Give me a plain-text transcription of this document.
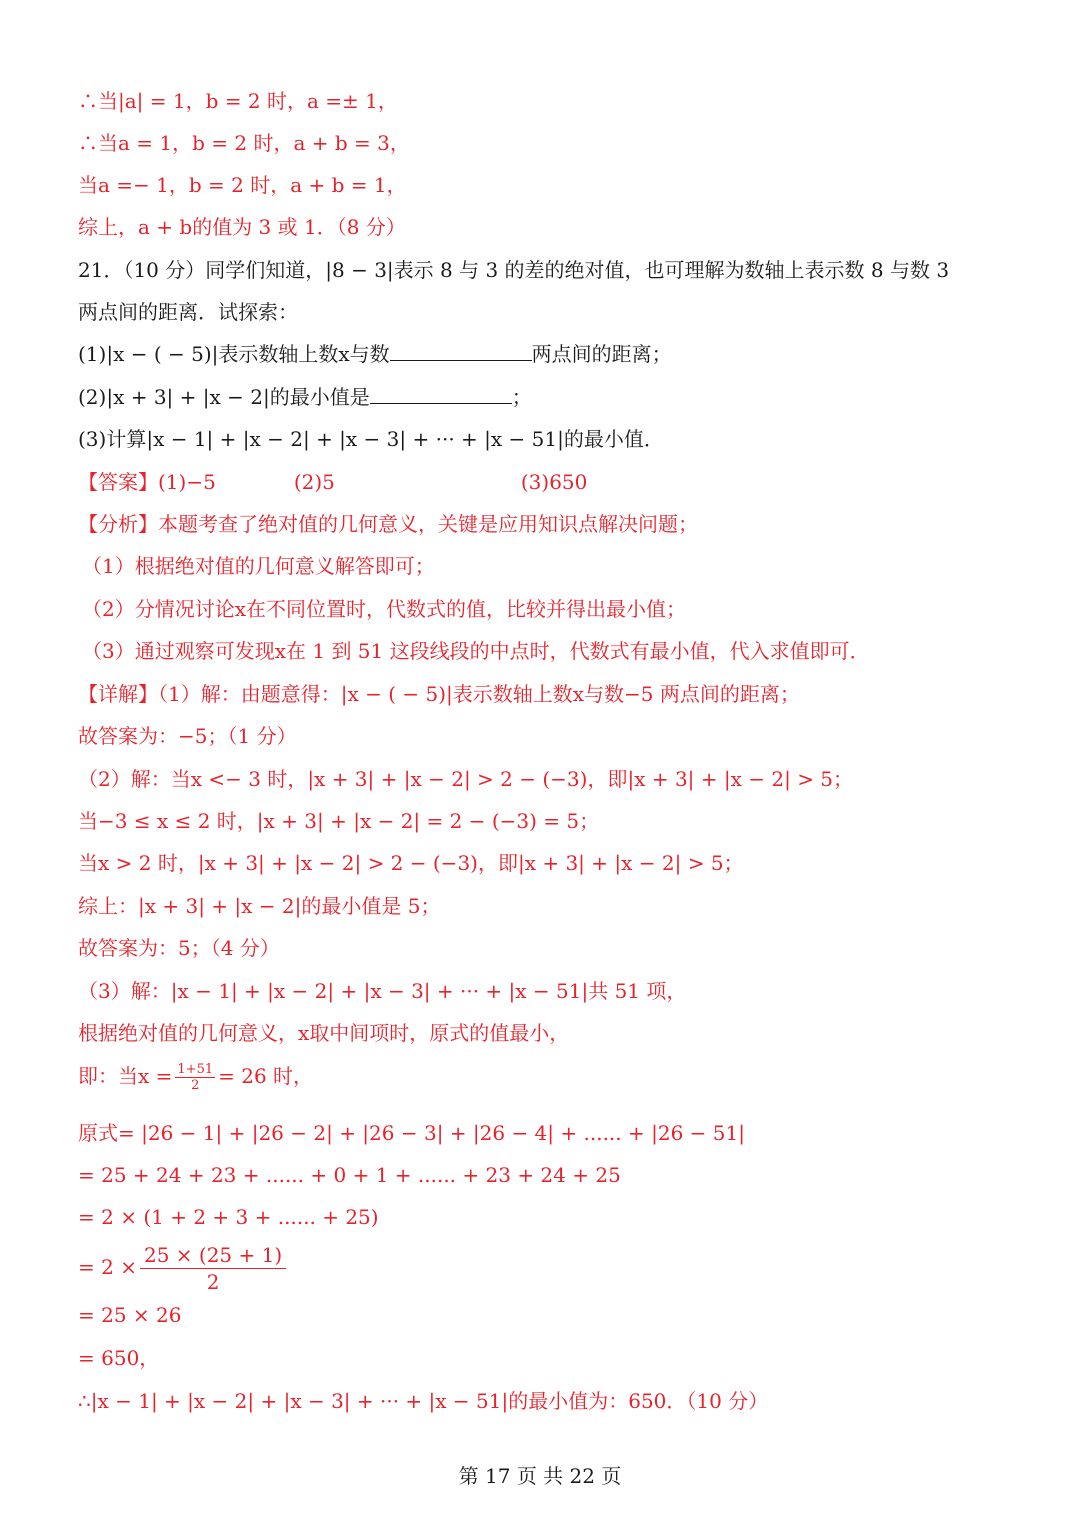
∴当|a| = 1，b = 2 时，a =± 1，
∴当a = 1，b = 2 时，a + b = 3，
当a =− 1，b = 2 时，a + b = 1，
综上，a + b的值为 3 或 1．（8 分）
21．（10 分）同学们知道，|8 − 3|表示 8 与 3 的差的绝对值，也可理解为数轴上表示数 8 与数 3
两点间的距离．试探索：
(1)|x − ( − 5)|表示数轴上数x与数	两点间的距离；
(2)|x + 3| + |x − 2|的最小值是	；
(3)计算|x − 1| + |x − 2| + |x − 3| + ··· + |x − 51|的最小值．
【答案】(1)−5	(2)5	(3)650
【分析】本题考查了绝对值的几何意义，关键是应用知识点解决问题；
（1）根据绝对值的几何意义解答即可；
（2）分情况讨论x在不同位置时，代数式的值，比较并得出最小值；
（3）通过观察可发现x在 1 到 51 这段线段的中点时，代数式有最小值，代入求值即可．
【详解】（1）解：由题意得：|x − ( − 5)|表示数轴上数x与数−5 两点间的距离；
故答案为：−5；（1 分）
（2）解：当x <− 3 时，|x + 3| + |x − 2| > 2 − (−3)，即|x + 3| + |x − 2| > 5；
当−3 ≤ x ≤ 2 时，|x + 3| + |x − 2| = 2 − (−3) = 5；
当x > 2 时，|x + 3| + |x − 2| > 2 − (−3)，即|x + 3| + |x − 2| > 5；
综上：|x + 3| + |x − 2|的最小值是 5；
故答案为：5；（4 分）
（3）解：|x − 1| + |x − 2| + |x − 3| + ··· + |x − 51|共 51 项，
根据绝对值的几何意义，x取中间项时，原式的值最小，
即：当$x = \frac{1+51}{2} = 26$ 时，
原式= |26 − 1| + |26 − 2| + |26 − 3| + |26 − 4| + ...... + |26 − 51|
= 25 + 24 + 23 + ...... + 0 + 1 + ...... + 23 + 24 + 25
= 2 × (1 + 2 + 3 + ...... + 25)
= $2 \times \frac{25 \times (25 + 1)}{2}$
= 25 × 26
= 650，
∴|x − 1| + |x − 2| + |x − 3| + ··· + |x − 51|的最小值为：650．（10 分）
第 17 页 共 22 页
